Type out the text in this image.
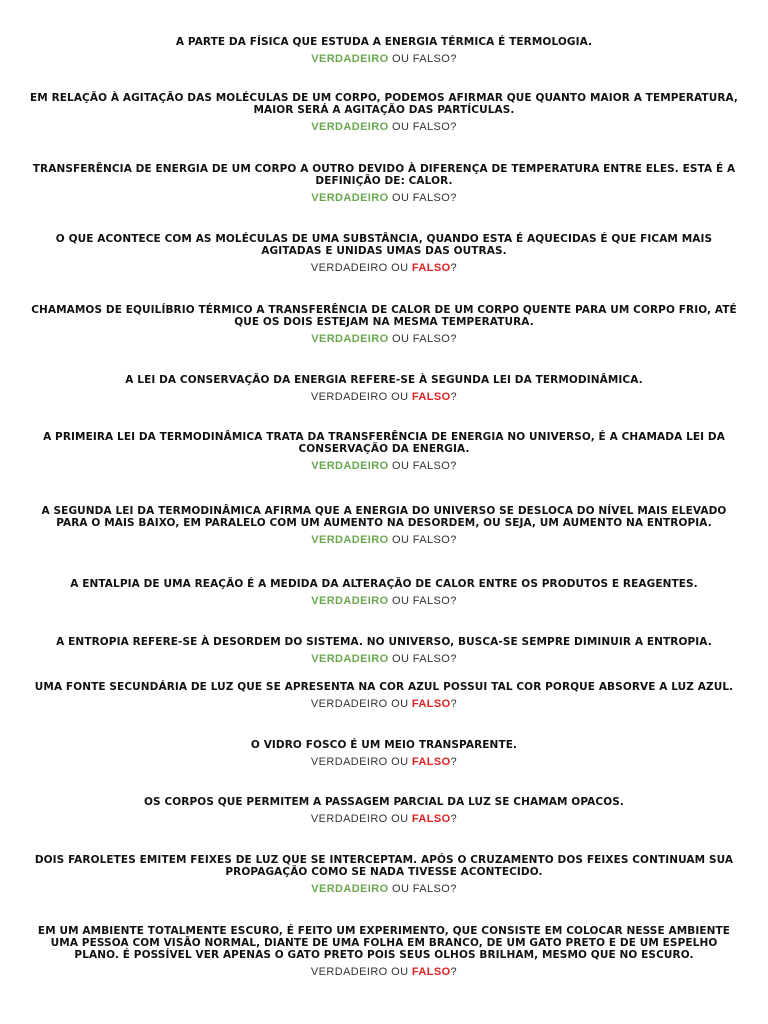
A PARTE DA FÍSICA QUE ESTUDA A ENERGIA TÉRMICA É TERMOLOGIA.

VERDADEIRO OU FALSO?

EM RELAÇÃO À AGITAÇÃO DAS MOLÉCULAS DE UM CORPO, PODEMOS AFIRMAR QUE QUANTO MAIOR A TEMPERATURA, MAIOR SERÁ A AGITAÇÃO DAS PARTÍCULAS.

VERDADEIRO OU FALSO?

TRANSFERÊNCIA DE ENERGIA DE UM CORPO A OUTRO DEVIDO À DIFERENÇA DE TEMPERATURA ENTRE ELES. ESTA É A DEFINIÇÃO DE: CALOR.

VERDADEIRO OU FALSO?

O QUE ACONTECE COM AS MOLÉCULAS DE UMA SUBSTÂNCIA, QUANDO ESTA É AQUECIDAS É QUE FICAM MAIS AGITADAS E UNIDAS UMAS DAS OUTRAS.

VERDADEIRO OU FALSO?

CHAMAMOS DE EQUILÍBRIO TÉRMICO A TRANSFERÊNCIA DE CALOR DE UM CORPO QUENTE PARA UM CORPO FRIO, ATÉ QUE OS DOIS ESTEJAM NA MESMA TEMPERATURA.

VERDADEIRO OU FALSO?

A LEI DA CONSERVAÇÃO DA ENERGIA REFERE-SE À SEGUNDA LEI DA TERMODINÂMICA.

VERDADEIRO OU FALSO?

A PRIMEIRA LEI DA TERMODINÂMICA TRATA DA TRANSFERÊNCIA DE ENERGIA NO UNIVERSO, É A CHAMADA LEI DA CONSERVAÇÃO DA ENERGIA.

VERDADEIRO OU FALSO?

A SEGUNDA LEI DA TERMODINÂMICA AFIRMA QUE A ENERGIA DO UNIVERSO SE DESLOCA DO NÍVEL MAIS ELEVADO PARA O MAIS BAIXO, EM PARALELO COM UM AUMENTO NA DESORDEM, OU SEJA, UM AUMENTO NA ENTROPIA.

VERDADEIRO OU FALSO?

A ENTALPIA DE UMA REAÇÃO É A MEDIDA DA ALTERAÇÃO DE CALOR ENTRE OS PRODUTOS E REAGENTES.

VERDADEIRO OU FALSO?

A ENTROPIA REFERE-SE À DESORDEM DO SISTEMA. NO UNIVERSO, BUSCA-SE SEMPRE DIMINUIR A ENTROPIA.

VERDADEIRO OU FALSO?

UMA FONTE SECUNDÁRIA DE LUZ QUE SE APRESENTA NA COR AZUL POSSUI TAL COR PORQUE ABSORVE A LUZ AZUL.

VERDADEIRO OU FALSO?

O VIDRO FOSCO É UM MEIO TRANSPARENTE.

VERDADEIRO OU FALSO?

OS CORPOS QUE PERMITEM A PASSAGEM PARCIAL DA LUZ SE CHAMAM OPACOS.

VERDADEIRO OU FALSO?

DOIS FAROLETES EMITEM FEIXES DE LUZ QUE SE INTERCEPTAM. APÓS O CRUZAMENTO DOS FEIXES CONTINUAM SUA PROPAGAÇÃO COMO SE NADA TIVESSE ACONTECIDO.

VERDADEIRO OU FALSO?

EM UM AMBIENTE TOTALMENTE ESCURO, É FEITO UM EXPERIMENTO, QUE CONSISTE EM COLOCAR NESSE AMBIENTE UMA PESSOA COM VISÃO NORMAL, DIANTE DE UMA FOLHA EM BRANCO, DE UM GATO PRETO E DE UM ESPELHO PLANO. É POSSÍVEL VER APENAS O GATO PRETO POIS SEUS OLHOS BRILHAM, MESMO QUE NO ESCURO.

VERDADEIRO OU FALSO?
